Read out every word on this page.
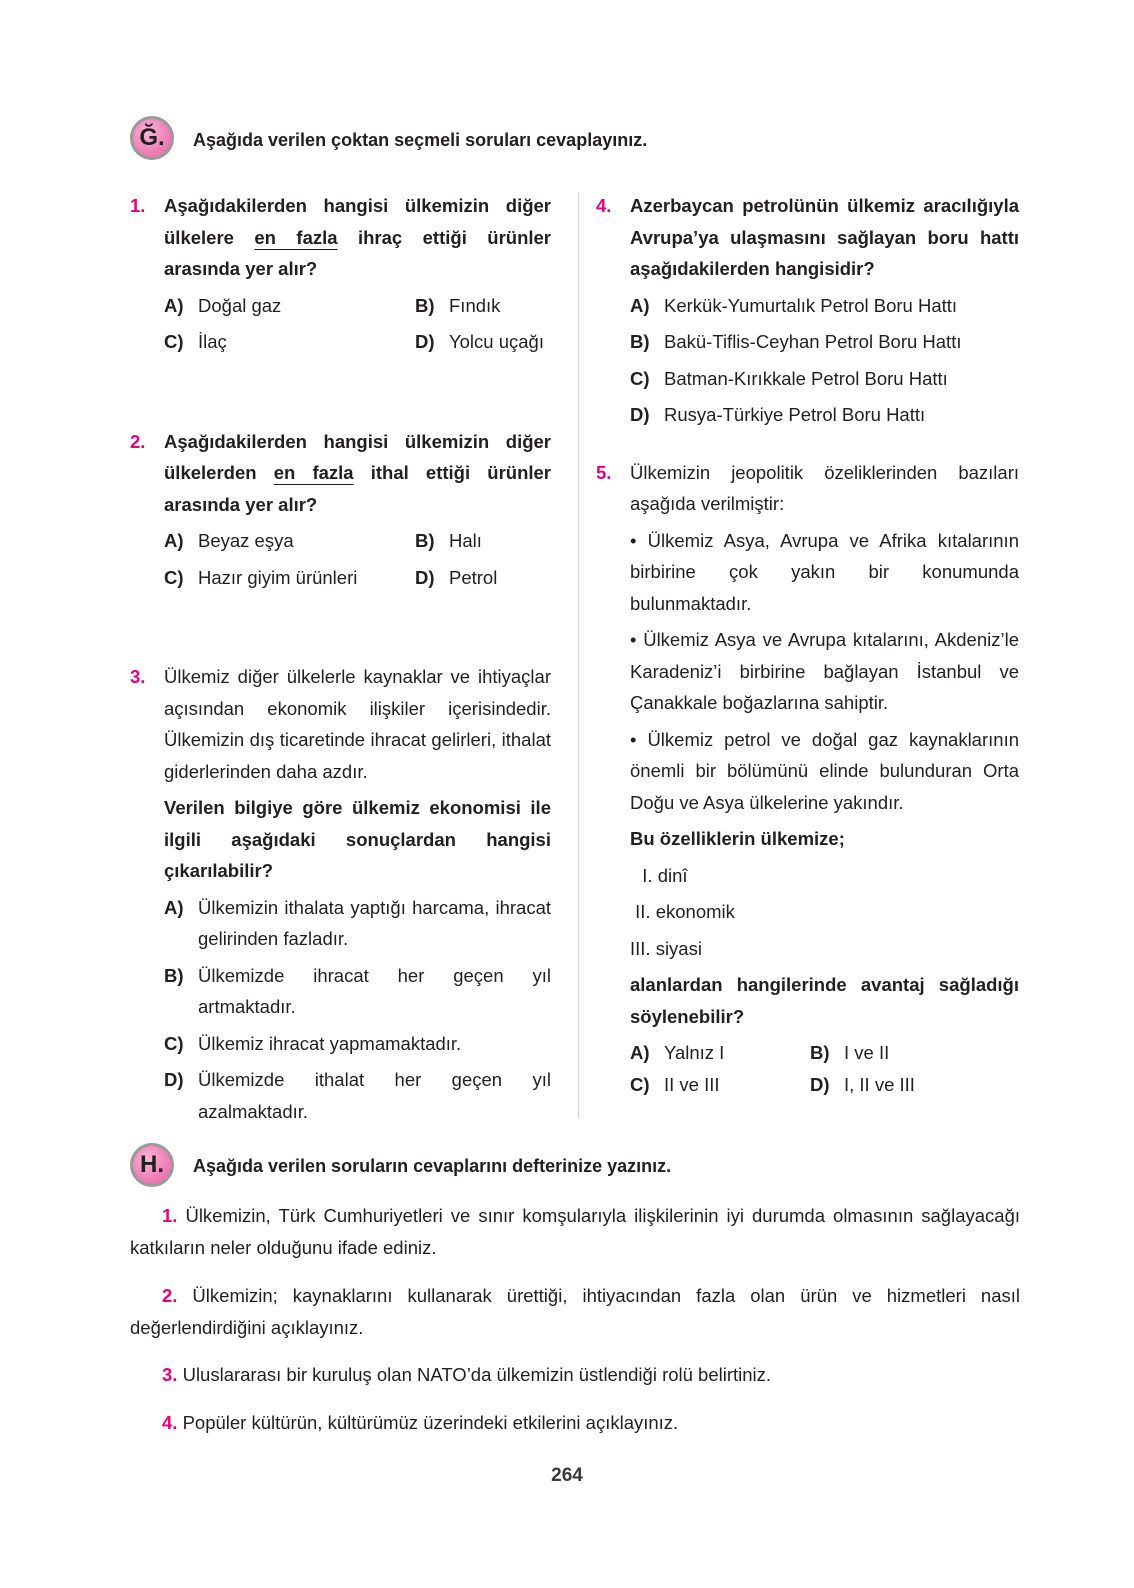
Ğ. Aşağıda verilen çoktan seçmeli soruları cevaplayınız.
1. Aşağıdakilerden hangisi ülkemizin diğer ülkelere en fazla ihraç ettiği ürünler arasında yer alır?
A) Doğal gaz	B) Fındık
C) İlaç	D) Yolcu uçağı
2. Aşağıdakilerden hangisi ülkemizin diğer ülkelerden en fazla ithal ettiği ürünler arasında yer alır?
A) Beyaz eşya	B) Halı
C) Hazır giyim ürünleri	D) Petrol
3. Ülkemiz diğer ülkelerle kaynaklar ve ihtiyaçlar açısından ekonomik ilişkiler içerisindedir. Ülkemizin dış ticaretinde ihracat gelirleri, ithalat giderlerinden daha azdır.
Verilen bilgiye göre ülkemiz ekonomisi ile ilgili aşağıdaki sonuçlardan hangisi çıkarılabilir?
A) Ülkemizin ithalata yaptığı harcama, ihracat gelirinden fazladır.
B) Ülkemizde ihracat her geçen yıl artmaktadır.
C) Ülkemiz ihracat yapmamaktadır.
D) Ülkemizde ithalat her geçen yıl azalmaktadır.
4. Azerbaycan petrolünün ülkemiz aracılığıyla Avrupa’ya ulaşmasını sağlayan boru hattı aşağıdakilerden hangisidir?
A) Kerkük-Yumurtalık Petrol Boru Hattı
B) Bakü-Tiflis-Ceyhan Petrol Boru Hattı
C) Batman-Kırıkkale Petrol Boru Hattı
D) Rusya-Türkiye Petrol Boru Hattı
5. Ülkemizin jeopolitik özeliklerinden bazıları aşağıda verilmiştir:
• Ülkemiz Asya, Avrupa ve Afrika kıtalarının birbirine çok yakın bir konumunda bulunmaktadır.
• Ülkemiz Asya ve Avrupa kıtalarını, Akdeniz’le Karadeniz’i birbirine bağlayan İstanbul ve Çanakkale boğazlarına sahiptir.
• Ülkemiz petrol ve doğal gaz kaynaklarının önemli bir bölümünü elinde bulunduran Orta Doğu ve Asya ülkelerine yakındır.
Bu özelliklerin ülkemize;
I. dinî
II. ekonomik
III. siyasi
alanlardan hangilerinde avantaj sağladığı söylenebilir?
A) Yalnız I	B) I ve II
C) II ve III	D) I, II ve III
H. Aşağıda verilen soruların cevaplarını defterinize yazınız.
1. Ülkemizin, Türk Cumhuriyetleri ve sınır komşularıyla ilişkilerinin iyi durumda olmasının sağlayacağı katkıların neler olduğunu ifade ediniz.
2. Ülkemizin; kaynaklarını kullanarak ürettiği, ihtiyacından fazla olan ürün ve hizmetleri nasıl değerlendirdiğini açıklayınız.
3. Uluslararası bir kuruluş olan NATO’da ülkemizin üstlendiği rolü belirtiniz.
4. Popüler kültürün, kültürümüz üzerindeki etkilerini açıklayınız.
264
